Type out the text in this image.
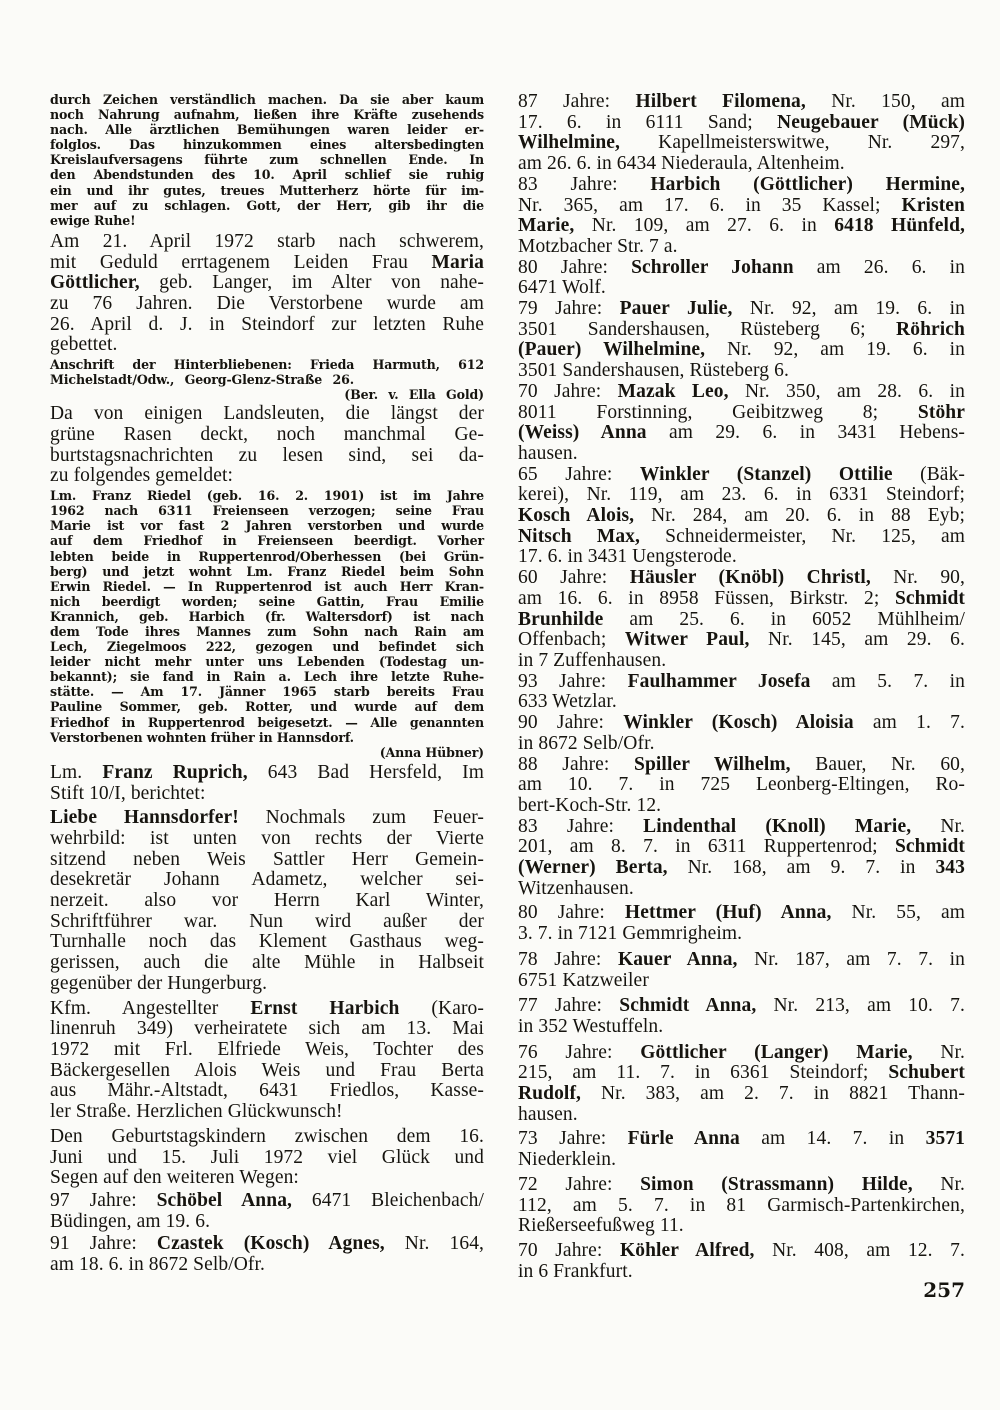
durch Zeichen verständlich machen. Da sie aber kaum
noch Nahrung aufnahm, ließen ihre Kräfte zusehends
nach. Alle ärztlichen Bemühungen waren leider er-
folglos. Das hinzukommen eines altersbedingten
Kreislaufversagens führte zum schnellen Ende. In
den Abendstunden des 10. April schlief sie ruhig
ein und ihr gutes, treues Mutterherz hörte für im-
mer auf zu schlagen. Gott, der Herr, gib ihr die
ewige Ruhe!
Am 21. April 1972 starb nach schwerem,
mit Geduld errtagenem Leiden Frau Maria
Göttlicher, geb. Langer, im Alter von nahe-
zu 76 Jahren. Die Verstorbene wurde am
26. April d. J. in Steindorf zur letzten Ruhe
gebettet.
Anschrift der Hinterbliebenen: Frieda Harmuth, 612
Michelstadt/Odw.,  Georg-Glenz-Straße  26.
(Ber.  v.  Ella  Gold)
Da von einigen Landsleuten, die längst der
grüne Rasen deckt, noch manchmal Ge-
burtstagsnachrichten zu lesen sind, sei da-
zu folgendes gemeldet:
Lm. Franz Riedel (geb. 16. 2. 1901) ist im Jahre
1962 nach 6311 Freienseen verzogen; seine Frau
Marie ist vor fast 2 Jahren verstorben und wurde
auf dem Friedhof in Freienseen beerdigt. Vorher
lebten beide in Ruppertenrod/Oberhessen (bei Grün-
berg) und jetzt wohnt Lm. Franz Riedel beim Sohn
Erwin Riedel. — In Ruppertenrod ist auch Herr Kran-
nich beerdigt worden; seine Gattin, Frau Emilie
Krannich, geb. Harbich (fr. Waltersdorf) ist nach
dem Tode ihres Mannes zum Sohn nach Rain am
Lech, Ziegelmoos 222, gezogen und befindet sich
leider nicht mehr unter uns Lebenden (Todestag un-
bekannt); sie fand in Rain a. Lech ihre letzte Ruhe-
stätte. — Am 17. Jänner 1965 starb bereits Frau
Pauline Sommer, geb. Rotter, und wurde auf dem
Friedhof in Ruppertenrod beigesetzt. — Alle genannten
Verstorbenen wohnten früher in Hannsdorf.
(Anna Hübner)
Lm. Franz Ruprich, 643 Bad Hersfeld, Im
Stift 10/I, berichtet:
Liebe Hannsdorfer! Nochmals zum Feuer-
wehrbild: ist unten von rechts der Vierte
sitzend neben Weis Sattler Herr Gemein-
desekretär Johann Adametz, welcher sei-
nerzeit. also vor Herrn Karl Winter,
Schriftführer war. Nun wird außer der
Turnhalle noch das Klement Gasthaus weg-
gerissen, auch die alte Mühle in Halbseit
gegenüber der Hungerburg.
Kfm. Angestellter Ernst Harbich (Karo-
linenruh 349) verheiratete sich am 13. Mai
1972 mit Frl. Elfriede Weis, Tochter des
Bäckergesellen Alois Weis und Frau Berta
aus Mähr.-Altstadt, 6431 Friedlos, Kasse-
ler Straße. Herzlichen Glückwunsch!
Den Geburtstagskindern zwischen dem 16.
Juni und 15. Juli 1972 viel Glück und
Segen auf den weiteren Wegen:
97 Jahre: Schöbel Anna, 6471 Bleichenbach/
Büdingen, am 19. 6.
91 Jahre: Czastek (Kosch) Agnes, Nr. 164,
am 18. 6. in 8672 Selb/Ofr.
87 Jahre: Hilbert Filomena, Nr. 150, am
17. 6. in 6111 Sand; Neugebauer (Mück)
Wilhelmine, Kapellmeisterswitwe, Nr. 297,
am 26. 6. in 6434 Niederaula, Altenheim.
83 Jahre: Harbich (Göttlicher) Hermine,
Nr. 365, am 17. 6. in 35 Kassel; Kristen
Marie, Nr. 109, am 27. 6. in 6418 Hünfeld,
Motzbacher Str. 7 a.
80 Jahre: Schroller Johann am 26. 6. in
6471 Wolf.
79 Jahre: Pauer Julie, Nr. 92, am 19. 6. in
3501 Sandershausen, Rüsteberg 6; Röhrich
(Pauer) Wilhelmine, Nr. 92, am 19. 6. in
3501 Sandershausen, Rüsteberg 6.
70 Jahre: Mazak Leo, Nr. 350, am 28. 6. in
8011 Forstinning, Geibitzweg 8; Stöhr
(Weiss) Anna am 29. 6. in 3431 Hebens-
hausen.
65 Jahre: Winkler (Stanzel) Ottilie (Bäk-
kerei), Nr. 119, am 23. 6. in 6331 Steindorf;
Kosch Alois, Nr. 284, am 20. 6. in 88 Eyb;
Nitsch Max, Schneidermeister, Nr. 125, am
17. 6. in 3431 Uengsterode.
60 Jahre: Häusler (Knöbl) Christl, Nr. 90,
am 16. 6. in 8958 Füssen, Birkstr. 2; Schmidt
Brunhilde am 25. 6. in 6052 Mühlheim/
Offenbach; Witwer Paul, Nr. 145, am 29. 6.
in 7 Zuffenhausen.
93 Jahre: Faulhammer Josefa am 5. 7. in
633 Wetzlar.
90 Jahre: Winkler (Kosch) Aloisia am 1. 7.
in 8672 Selb/Ofr.
88 Jahre: Spiller Wilhelm, Bauer, Nr. 60,
am 10. 7. in 725 Leonberg-Eltingen, Ro-
bert-Koch-Str. 12.
83 Jahre: Lindenthal (Knoll) Marie, Nr.
201, am 8. 7. in 6311 Ruppertenrod; Schmidt
(Werner) Berta, Nr. 168, am 9. 7. in 343
Witzenhausen.
80 Jahre: Hettmer (Huf) Anna, Nr. 55, am
3. 7. in 7121 Gemmrigheim.
78 Jahre: Kauer Anna, Nr. 187, am 7. 7. in
6751 Katzweiler
77 Jahre: Schmidt Anna, Nr. 213, am 10. 7.
in 352 Westuffeln.
76 Jahre: Göttlicher (Langer) Marie, Nr.
215, am 11. 7. in 6361 Steindorf; Schubert
Rudolf, Nr. 383, am 2. 7. in 8821 Thann-
hausen.
73 Jahre: Fürle Anna am 14. 7. in 3571
Niederklein.
72 Jahre: Simon (Strassmann) Hilde, Nr.
112, am 5. 7. in 81 Garmisch-Partenkirchen,
Rießerseefußweg 11.
70 Jahre: Köhler Alfred, Nr. 408, am 12. 7.
in 6 Frankfurt.
257
